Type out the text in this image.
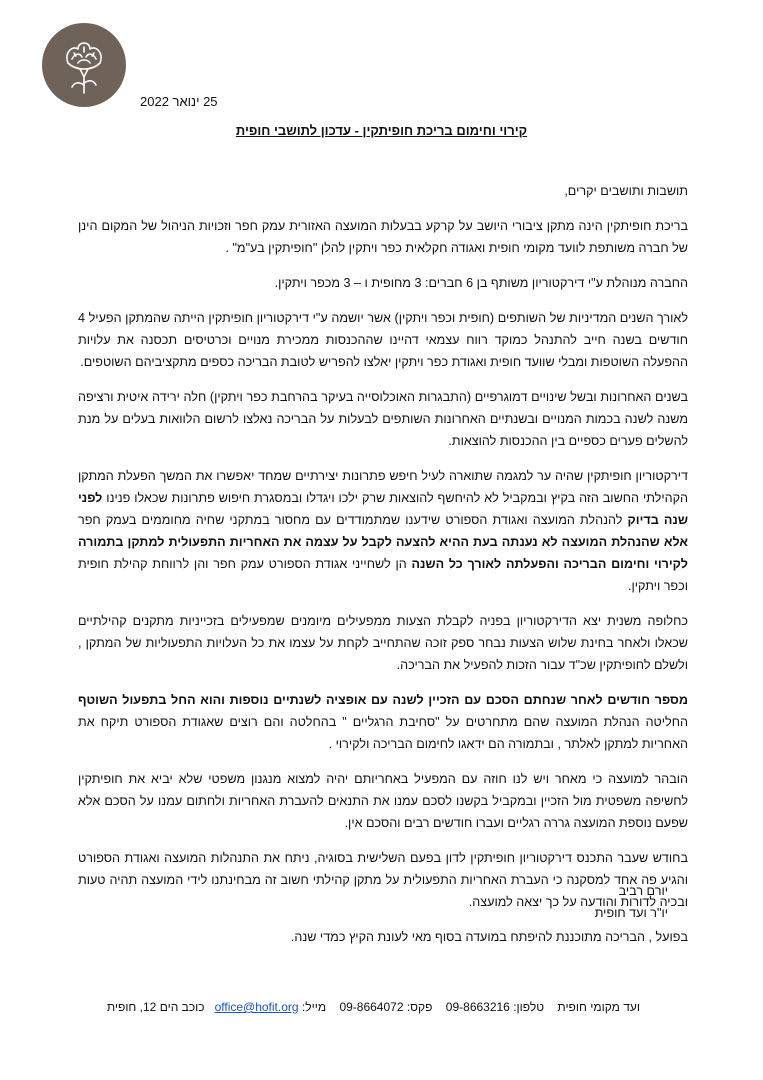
25 ינואר 2022
קירוי וחימום בריכת חופיתקין - עדכון לתושבי חופית
תושבות ותושבים יקרים,

בריכת חופיתקין הינה מתקן ציבורי היושב על קרקע בבעלות המועצה האזורית עמק חפר וזכויות הניהול של המקום הינן של חברה משותפת לוועד מקומי חופית ואגודה חקלאית כפר ויתקין להלן "חופיתקין בע"מ" .

החברה מנוהלת ע"י דירקטוריון משותף בן 6 חברים: 3 מחופית ו – 3 מכפר ויתקין.

לאורך השנים המדיניות של השותפים (חופית וכפר ויתקין) אשר יושמה ע"י דירקטוריון חופיתקין הייתה שהמתקן הפעיל 4 חודשים בשנה חייב להתנהל כמוקד רווח עצמאי דהיינו שההכנסות ממכירת מנויים וכרטיסים תכסנה את עלויות ההפעלה השוטפות ומבלי שוועד חופית ואגודת כפר ויתקין יאלצו להפריש לטובת הבריכה כספים מתקציביהם השוטפים.

בשנים האחרונות ובשל שינויים דמוגרפיים (התבגרות האוכלוסייה בעיקר בהרחבת כפר ויתקין) חלה ירידה איטית ורציפה משנה לשנה בכמות המנויים ובשנתיים האחרונות השותפים לבעלות על הבריכה נאלצו לרשום הלוואות בעלים על מנת להשלים פערים כספיים בין ההכנסות להוצאות.

דירקטוריון חופיתקין שהיה ער למגמה שתוארה לעיל חיפש פתרונות יצירתיים שמחד יאפשרו את המשך הפעלת המתקן הקהילתי החשוב הזה בקיץ ובמקביל לא להיחשף להוצאות שרק ילכו ויגדלו ובמסגרת חיפוש פתרונות שכאלו פנינו לפני שנה בדיוק להנהלת המועצה ואגודת הספורט שידענו שמתמודדים עם מחסור במתקני שחיה מחוממים בעמק חפר אלא שהנהלת המועצה לא נענתה בעת ההיא להצעה לקבל על עצמה את האחריות התפעולית למתקן בתמורה לקירוי וחימום הבריכה והפעלתה לאורך כל השנה הן לשחייני אגודת הספורט עמק חפר והן לרווחת קהילת חופית וכפר ויתקין.

כחלופה משנית יצא הדירקטוריון בפניה לקבלת הצעות ממפעילים מיומנים שמפעילים בזכייניות מתקנים קהילתיים שכאלו ולאחר בחינת שלוש הצעות נבחר ספק זוכה שהתחייב לקחת על עצמו את כל העלויות התפעוליות של המתקן , ולשלם לחופיתקין שכ"ד עבור הזכות להפעיל את הבריכה.

מספר חודשים לאחר שנחתם הסכם עם הזכיין לשנה עם אופציה לשנתיים נוספות והוא החל בתפעול השוטף החליטה הנהלת המועצה שהם מתחרטים על "סחיבת הרגליים " בהחלטה והם רוצים שאגודת הספורט תיקח את האחריות למתקן לאלתר , ובתמורה הם ידאגו לחימום הבריכה ולקירוי .

הובהר למועצה כי מאחר ויש לנו חוזה עם המפעיל באחריותם יהיה למצוא מנגנון משפטי שלא יביא את חופיתקין לחשיפה משפטית מול הזכיין ובמקביל בקשנו לסכם עמנו את התנאים להעברת האחריות ולחתום עמנו על הסכם אלא שפעם נוספת המועצה גררה רגליים ועברו חודשים רבים והסכם אין.

בחודש שעבר התכנס דירקטוריון חופיתקין לדון בפעם השלישית בסוגיה, ניתח את התנהלות המועצה ואגודת הספורט והגיע פה אחד למסקנה כי העברת האחריות התפעולית על מתקן קהילתי חשוב זה מבחינתנו לידי המועצה תהיה טעות ובכיה לדורות והודעה על כך יצאה למועצה.

בפועל , הבריכה מתוכננת להיפתח במועדה בסוף מאי לעונת הקיץ כמדי שנה.

יורם רביב
יו"ר ועד חופית
ועד מקומי חופית    טלפון: 09-8663216    פקס: 09-8664072    מייל: office@hofit.org   כוכב הים 12, חופית
